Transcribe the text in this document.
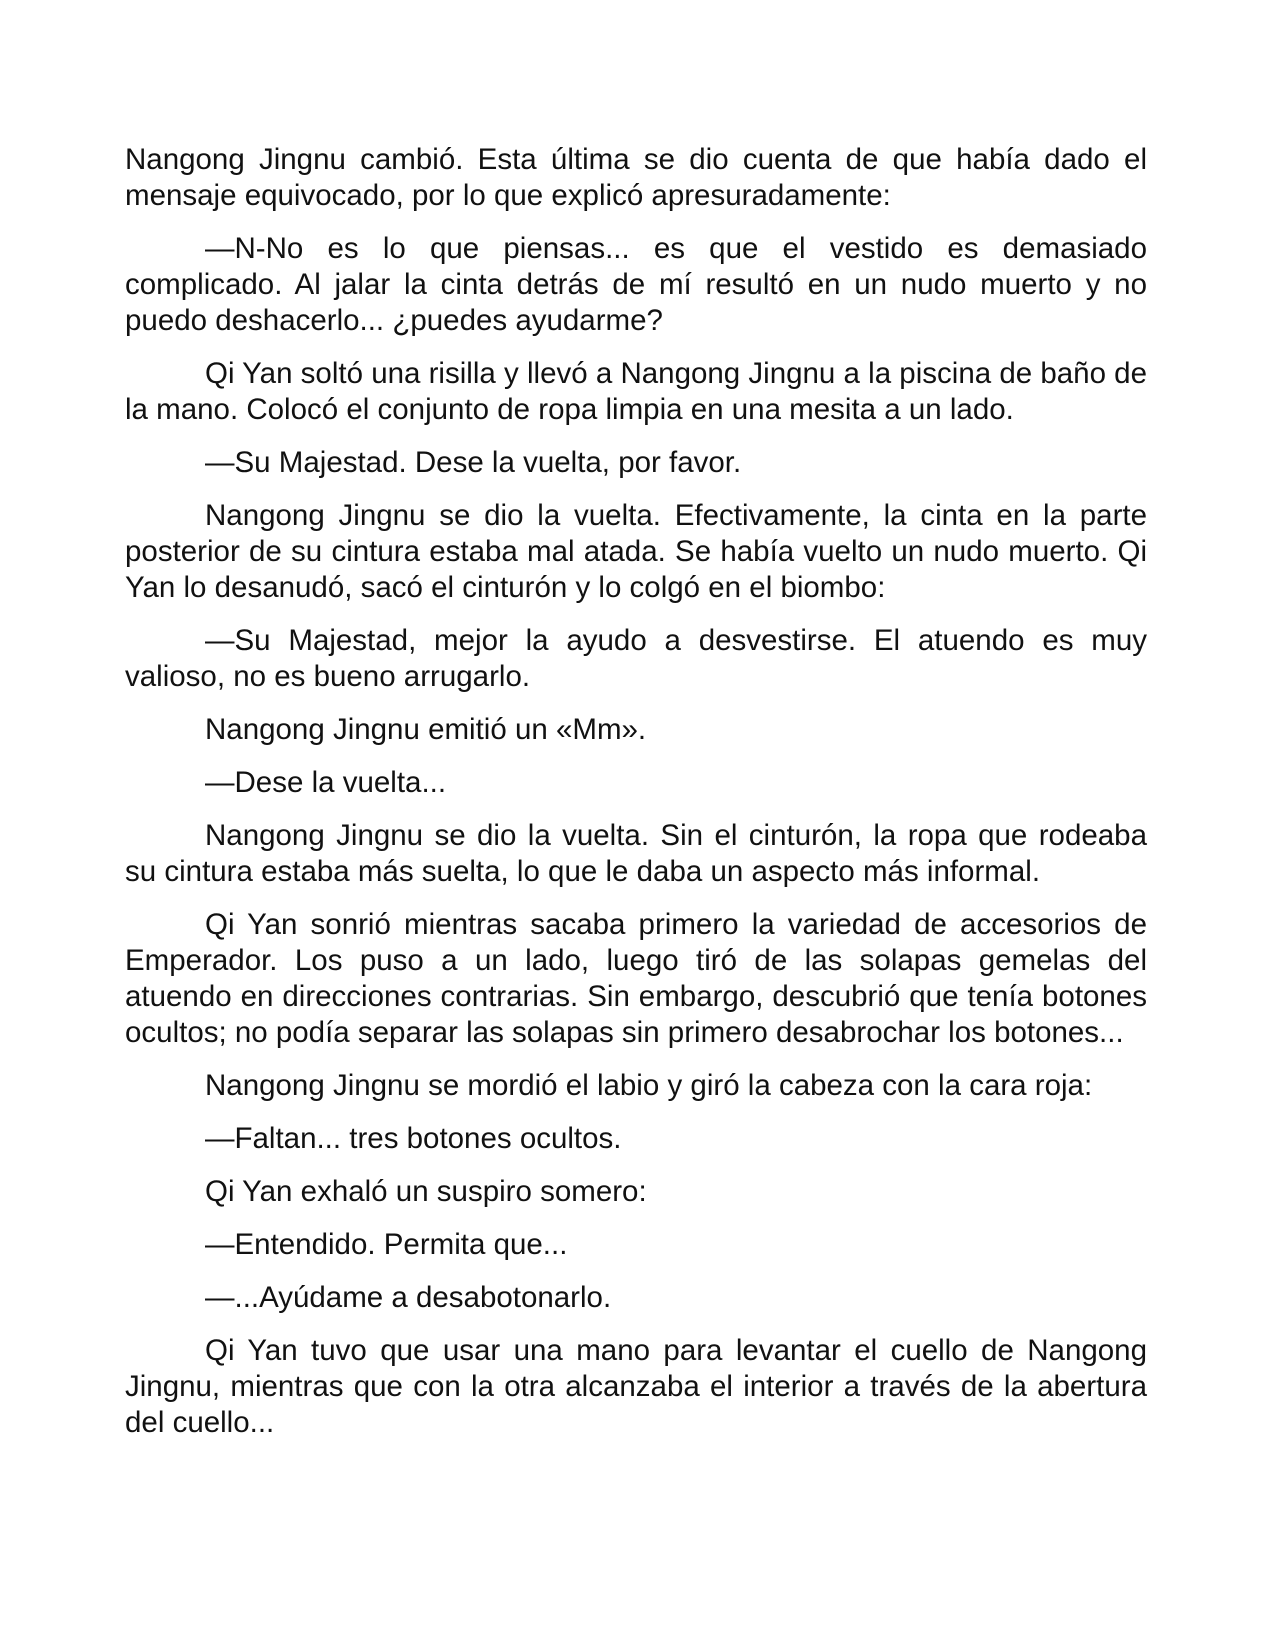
Nangong Jingnu cambió. Esta última se dio cuenta de que había dado el mensaje equivocado, por lo que explicó apresuradamente:

—N-No es lo que piensas... es que el vestido es demasiado complicado. Al jalar la cinta detrás de mí resultó en un nudo muerto y no puedo deshacerlo... ¿puedes ayudarme?

Qi Yan soltó una risilla y llevó a Nangong Jingnu a la piscina de baño de la mano. Colocó el conjunto de ropa limpia en una mesita a un lado.

—Su Majestad. Dese la vuelta, por favor.

Nangong Jingnu se dio la vuelta. Efectivamente, la cinta en la parte posterior de su cintura estaba mal atada. Se había vuelto un nudo muerto. Qi Yan lo desanudó, sacó el cinturón y lo colgó en el biombo:

—Su Majestad, mejor la ayudo a desvestirse. El atuendo es muy valioso, no es bueno arrugarlo.

Nangong Jingnu emitió un «Mm».

—Dese la vuelta...

Nangong Jingnu se dio la vuelta. Sin el cinturón, la ropa que rodeaba su cintura estaba más suelta, lo que le daba un aspecto más informal.

Qi Yan sonrió mientras sacaba primero la variedad de accesorios de Emperador. Los puso a un lado, luego tiró de las solapas gemelas del atuendo en direcciones contrarias. Sin embargo, descubrió que tenía botones ocultos; no podía separar las solapas sin primero desabrochar los botones...

Nangong Jingnu se mordió el labio y giró la cabeza con la cara roja:

—Faltan... tres botones ocultos.

Qi Yan exhaló un suspiro somero:

—Entendido. Permita que...

—...Ayúdame a desabotonarlo.

Qi Yan tuvo que usar una mano para levantar el cuello de Nangong Jingnu, mientras que con la otra alcanzaba el interior a través de la abertura del cuello...
